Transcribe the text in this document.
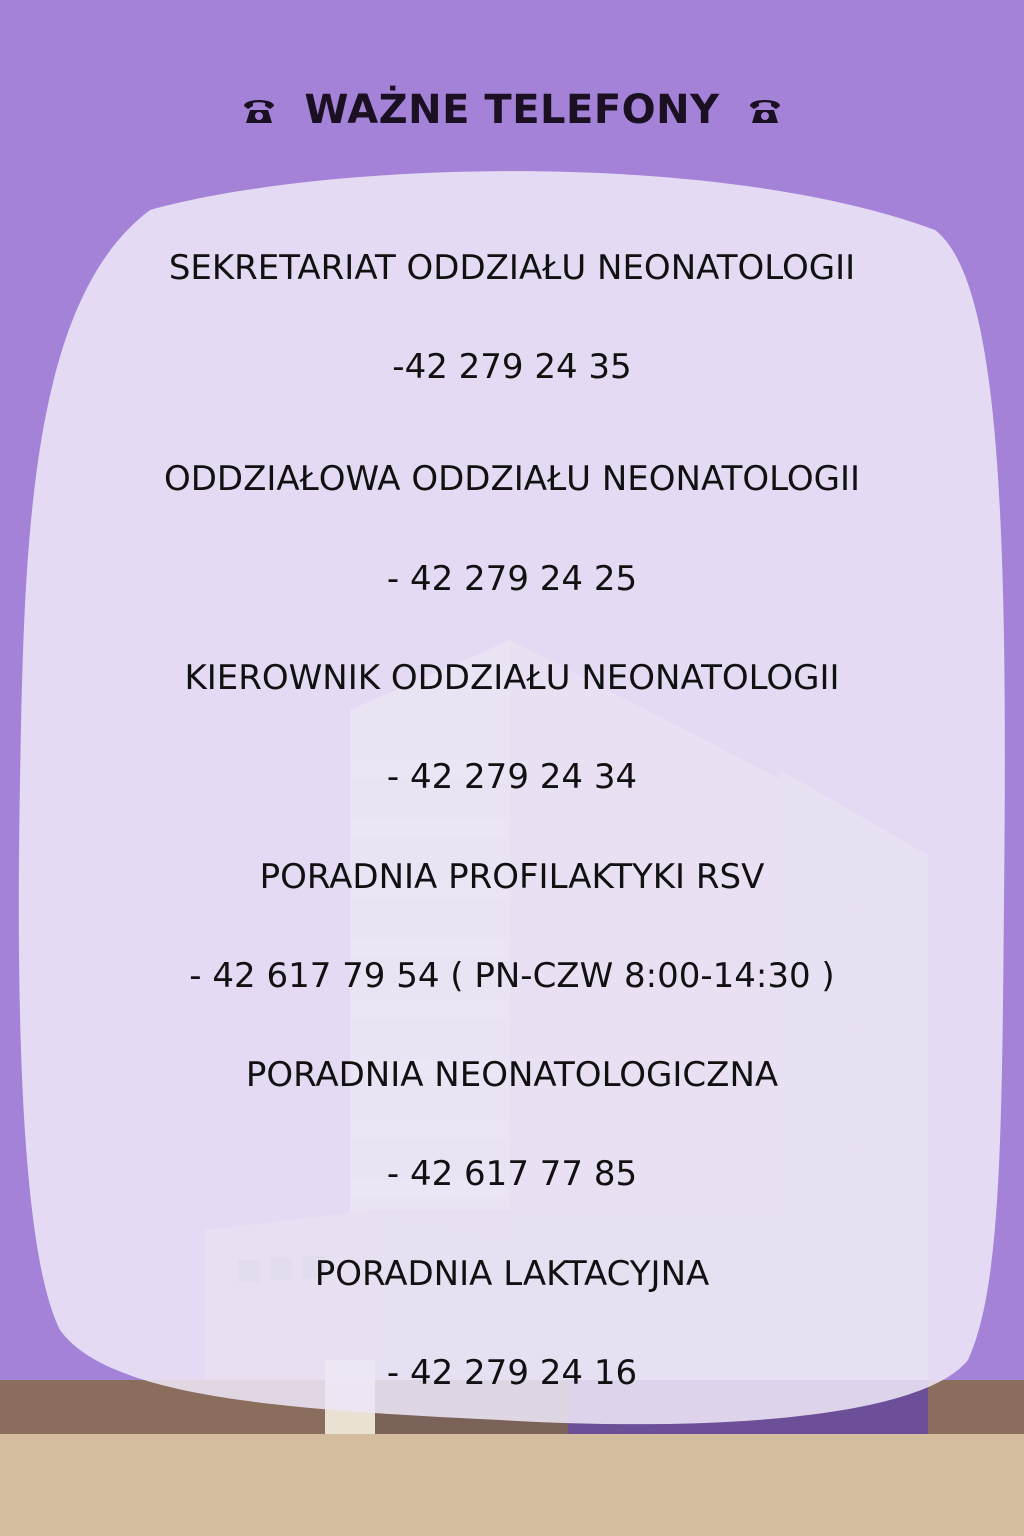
WAŻNE TELEFONY
SEKRETARIAT ODDZIAŁU NEONATOLOGII
-42 279 24 35
ODDZIAŁOWA ODDZIAŁU NEONATOLOGII
- 42 279 24 25
KIEROWNIK ODDZIAŁU NEONATOLOGII
- 42 279 24 34
PORADNIA PROFILAKTYKI RSV
- 42 617 79 54 ( PN-CZW 8:00-14:30 )
PORADNIA NEONATOLOGICZNA
- 42 617 77 85
PORADNIA LAKTACYJNA
- 42 279 24 16
